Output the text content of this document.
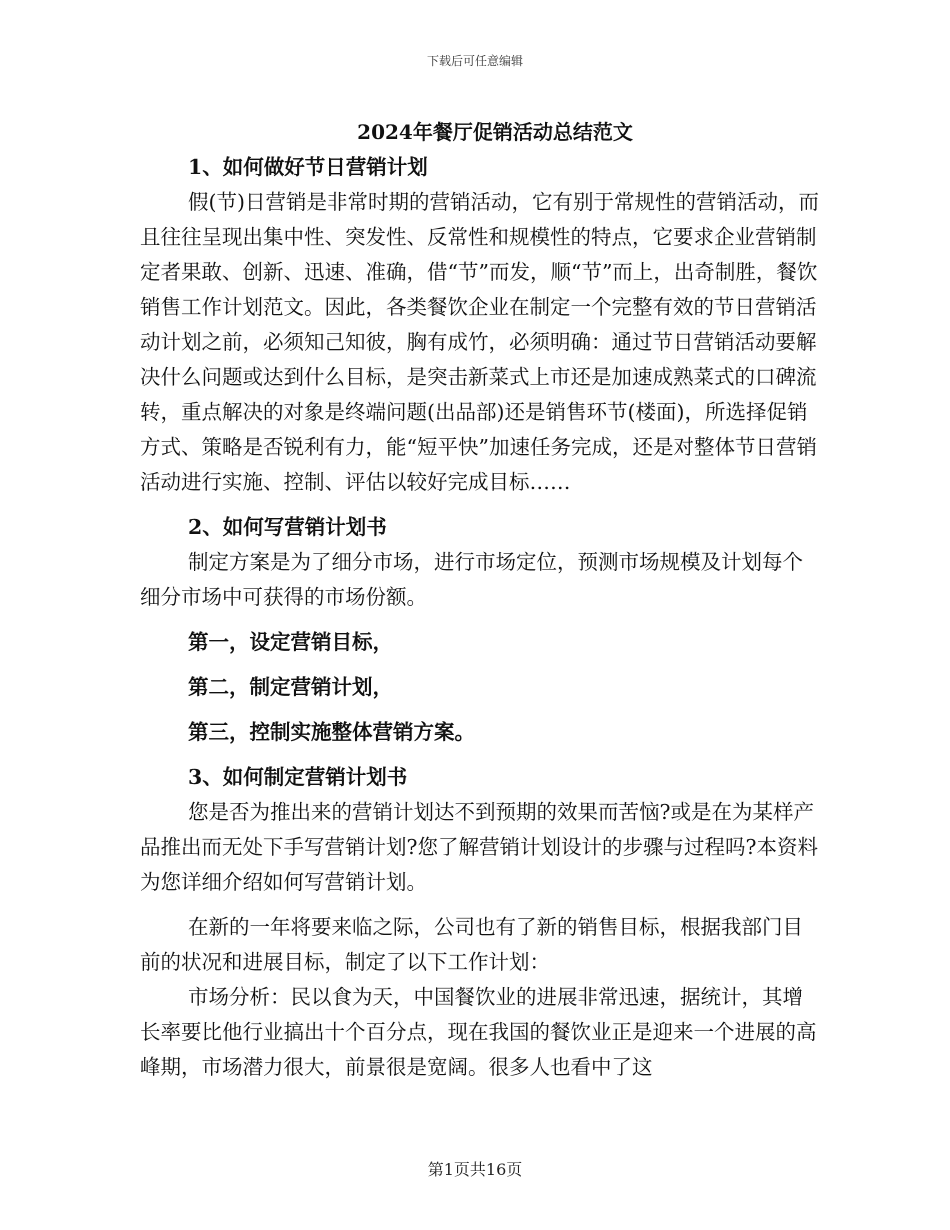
下载后可任意编辑
2024年餐厅促销活动总结范文

1、如何做好节日营销计划

假(节)日营销是非常时期的营销活动，它有别于常规性的营销活动，而且往往呈现出集中性、突发性、反常性和规模性的特点，它要求企业营销制定者果敢、创新、迅速、准确，借“节”而发，顺“节”而上，出奇制胜，餐饮销售工作计划范文。因此，各类餐饮企业在制定一个完整有效的节日营销活动计划之前，必须知己知彼，胸有成竹，必须明确：通过节日营销活动要解决什么问题或达到什么目标，是突击新菜式上市还是加速成熟菜式的口碑流转，重点解决的对象是终端问题(出品部)还是销售环节(楼面)，所选择促销方式、策略是否锐利有力，能“短平快”加速任务完成，还是对整体节日营销活动进行实施、控制、评估以较好完成目标……

2、如何写营销计划书

制定方案是为了细分市场，进行市场定位，预测市场规模及计划每个细分市场中可获得的市场份额。

第一，设定营销目标，

第二，制定营销计划，

第三，控制实施整体营销方案。

3、如何制定营销计划书

您是否为推出来的营销计划达不到预期的效果而苦恼?或是在为某样产品推出而无处下手写营销计划?您了解营销计划设计的步骤与过程吗?本资料为您详细介绍如何写营销计划。

在新的一年将要来临之际，公司也有了新的销售目标，根据我部门目前的状况和进展目标，制定了以下工作计划：

市场分析：民以食为天，中国餐饮业的进展非常迅速，据统计，其增长率要比他行业搞出十个百分点，现在我国的餐饮业正是迎来一个进展的高峰期，市场潜力很大，前景很是宽阔。很多人也看中了这

第1页共16页
